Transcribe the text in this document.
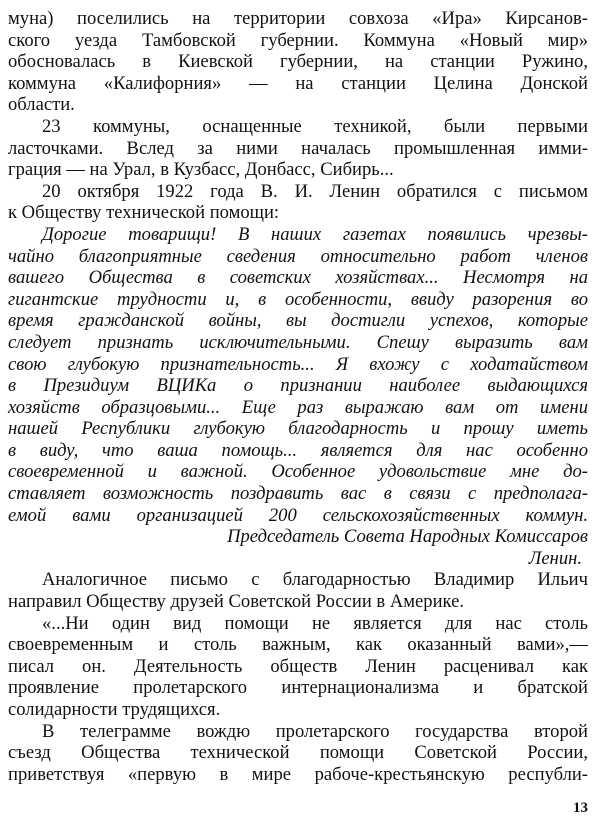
муна) поселились на территории совхоза «Ира» Кирсанов-
ского уезда Тамбовской губернии. Коммуна «Новый мир»
обосновалась в Киевской губернии, на станции Ружино,
коммуна «Калифорния» — на станции Целина Донской
области.
23 коммуны, оснащенные техникой, были первыми
ласточками. Вслед за ними началась промышленная имми-
грация — на Урал, в Кузбасс, Донбасс, Сибирь...
20 октября 1922 года В. И. Ленин обратился с письмом
к Обществу технической помощи:
Дорогие товарищи! В наших газетах появились чрезвы-
чайно благоприятные сведения относительно работ членов
вашего Общества в советских хозяйствах... Несмотря на
гигантские трудности и, в особенности, ввиду разорения во
время гражданской войны, вы достигли успехов, которые
следует признать исключительными. Спешу выразить вам
свою глубокую признательность... Я вхожу с ходатайством
в Президиум ВЦИКа о признании наиболее выдающихся
хозяйств образцовыми... Еще раз выражаю вам от имени
нашей Республики глубокую благодарность и прошу иметь
в виду, что ваша помощь... является для нас особенно
своевременной и важной. Особенное удовольствие мне до-
ставляет возможность поздравить вас в связи с предполага-
емой вами организацией 200 сельскохозяйственных коммун.
Председатель Совета Народных Комиссаров
Ленин.
Аналогичное письмо с благодарностью Владимир Ильич
направил Обществу друзей Советской России в Америке.
«...Ни один вид помощи не является для нас столь
своевременным и столь важным, как оказанный вами»,—
писал он. Деятельность обществ Ленин расценивал как
проявление пролетарского интернационализма и братской
солидарности трудящихся.
В телеграмме вождю пролетарского государства второй
съезд Общества технической помощи Советской России,
приветствуя «первую в мире рабоче-крестьянскую республи-
13
